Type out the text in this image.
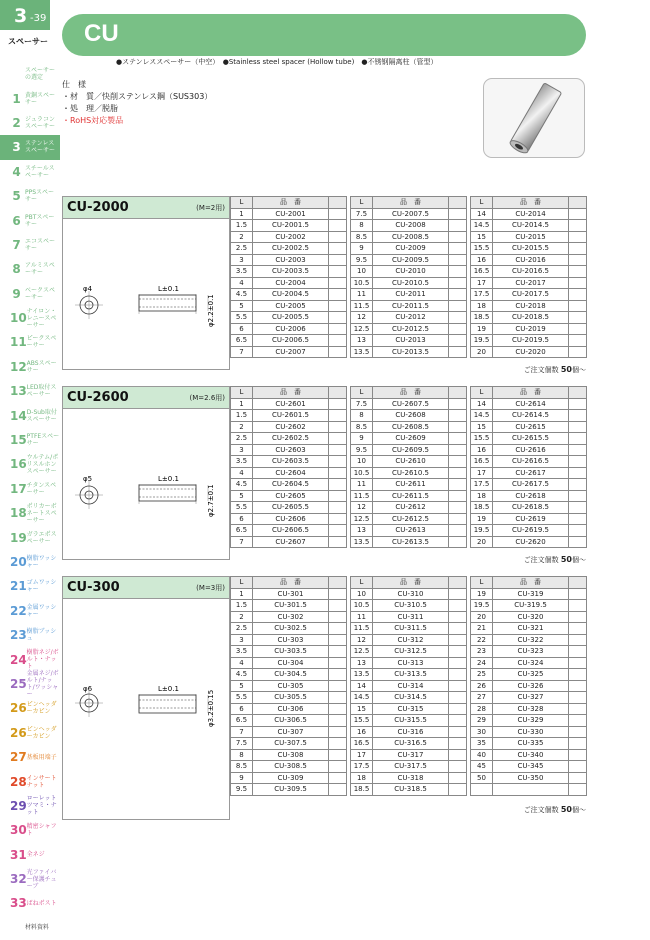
3 -39
スペーサー	CU
スペーサーの選定
1 黄銅スペーサー
2 ジュラコンスペーサー
3 ステンレススペーサー
4 スチールスペーサー
5 PPSスペーサー
6 PBTスペーサー
7 エコスペーサー
8 アルミスペーサー
9 ベークスペーサー
10 ナイロン・レニースペーサー
11 ピークスペーサー
12 ABSスペーサー
13 LED取付スペーサー
14 D-Sub取付スペーサー
15 PTFEスペーサー
16 ウルテム/ポリスルホンスペーサー
17 チタンスペーサー
18 ポリカーボネートスペーサー
19 ガラエポスペーサー
20 樹脂ワッシャー
21 ゴムワッシャー
22 金属ワッシャー
23 樹脂ブッシュ
24 樹脂ネジ/ボルト・ナット
25
金属ネジ/ボルト/ナット/ワッシャー
26 ピンヘッダーカピン
26 ピンヘッダーカピン
27 基板用端子
28 インサートナット
29 ローレットツマミ・ナット
30 精密シャフト
31 全ネジ
32 光ファイバー保護チューブ
33 ばねポスト
材料資料
●ステンレススペーサー（中空）　●Stainless steel spacer (Hollow tube)　●不锈钢隔离柱（管型）
仕　様
・材　質／快削ステンレス鋼（SUS303）
・処　理／脱脂
・RoHS対応製品
CU-2000	(M=2用)
φ4	L±0.1
φ2.2±0.1
L	品　番	
1	CU-2001	
1.5	CU-2001.5	
2	CU-2002	
2.5	CU-2002.5	
3	CU-2003	
3.5	CU-2003.5	
4	CU-2004	
4.5	CU-2004.5	
5	CU-2005	
5.5	CU-2005.5	
6	CU-2006	
6.5	CU-2006.5	
7	CU-2007	
L	品　番	
7.5	CU-2007.5	
8	CU-2008	
8.5	CU-2008.5	
9	CU-2009	
9.5	CU-2009.5	
10	CU-2010	
10.5	CU-2010.5	
11	CU-2011	
11.5	CU-2011.5	
12	CU-2012	
12.5	CU-2012.5	
13	CU-2013	
13.5	CU-2013.5	
L	品　番	
14	CU-2014	
14.5	CU-2014.5	
15	CU-2015	
15.5	CU-2015.5	
16	CU-2016	
16.5	CU-2016.5	
17	CU-2017	
17.5	CU-2017.5	
18	CU-2018	
18.5	CU-2018.5	
19	CU-2019	
19.5	CU-2019.5	
20	CU-2020	
ご注文個数 50個〜
CU-2600	(M=2.6用)
φ5	L±0.1
φ2.7±0.1
L	品　番	
1	CU-2601	
1.5	CU-2601.5	
2	CU-2602	
2.5	CU-2602.5	
3	CU-2603	
3.5	CU-2603.5	
4	CU-2604	
4.5	CU-2604.5	
5	CU-2605	
5.5	CU-2605.5	
6	CU-2606	
6.5	CU-2606.5	
7	CU-2607	
L	品　番	
7.5	CU-2607.5	
8	CU-2608	
8.5	CU-2608.5	
9	CU-2609	
9.5	CU-2609.5	
10	CU-2610	
10.5	CU-2610.5	
11	CU-2611	
11.5	CU-2611.5	
12	CU-2612	
12.5	CU-2612.5	
13	CU-2613	
13.5	CU-2613.5	
L	品　番	
14	CU-2614	
14.5	CU-2614.5	
15	CU-2615	
15.5	CU-2615.5	
16	CU-2616	
16.5	CU-2616.5	
17	CU-2617	
17.5	CU-2617.5	
18	CU-2618	
18.5	CU-2618.5	
19	CU-2619	
19.5	CU-2619.5	
20	CU-2620	
ご注文個数 50個〜
CU-300	(M=3用)
φ6	L±0.1
φ3.2±0.15
L	品　番	
1	CU-301	
1.5	CU-301.5	
2	CU-302	
2.5	CU-302.5	
3	CU-303	
3.5	CU-303.5	
4	CU-304	
4.5	CU-304.5	
5	CU-305	
5.5	CU-305.5	
6	CU-306	
6.5	CU-306.5	
7	CU-307	
7.5	CU-307.5	
8	CU-308	
8.5	CU-308.5	
9	CU-309	
9.5	CU-309.5	
L	品　番	
10	CU-310	
10.5	CU-310.5	
11	CU-311	
11.5	CU-311.5	
12	CU-312	
12.5	CU-312.5	
13	CU-313	
13.5	CU-313.5	
14	CU-314	
14.5	CU-314.5	
15	CU-315	
15.5	CU-315.5	
16	CU-316	
16.5	CU-316.5	
17	CU-317	
17.5	CU-317.5	
18	CU-318	
18.5	CU-318.5	
L	品　番	
19	CU-319	
19.5	CU-319.5	
20	CU-320	
21	CU-321	
22	CU-322	
23	CU-323	
24	CU-324	
25	CU-325	
26	CU-326	
27	CU-327	
28	CU-328	
29	CU-329	
30	CU-330	
35	CU-335	
40	CU-340	
45	CU-345	
50	CU-350	

ご注文個数 50個〜
